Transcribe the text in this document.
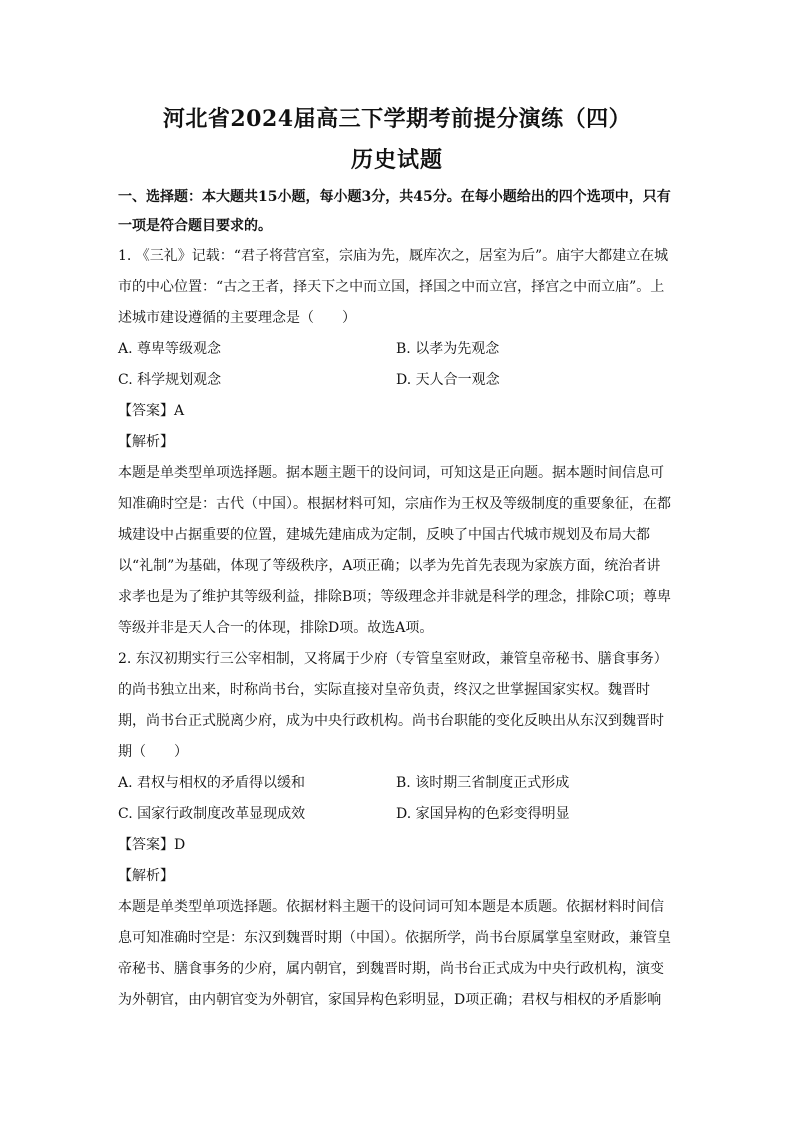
河北省2024届高三下学期考前提分演练（四）
历史试题

一、选择题：本大题共15小题，每小题3分，共45分。在每小题给出的四个选项中，只有一项是符合题目要求的。

1. 《三礼》记载：“君子将营宫室，宗庙为先，厩库次之，居室为后”。庙宇大都建立在城市的中心位置：“古之王者，择天下之中而立国，择国之中而立宫，择宫之中而立庙”。上述城市建设遵循的主要理念是（　　）

A. 尊卑等级观念	B. 以孝为先观念
C. 科学规划观念	D. 天人合一观念

【答案】A

【解析】

本题是单类型单项选择题。据本题主题干的设问词，可知这是正向题。据本题时间信息可知准确时空是：古代（中国）。根据材料可知，宗庙作为王权及等级制度的重要象征，在都城建设中占据重要的位置，建城先建庙成为定制，反映了中国古代城市规划及布局大都以“礼制”为基础，体现了等级秩序，A项正确；以孝为先首先表现为家族方面，统治者讲求孝也是为了维护其等级利益，排除B项；等级理念并非就是科学的理念，排除C项；尊卑等级并非是天人合一的体现，排除D项。故选A项。

2. 东汉初期实行三公宰相制，又将属于少府（专管皇室财政，兼管皇帝秘书、膳食事务）的尚书独立出来，时称尚书台，实际直接对皇帝负责，终汉之世掌握国家实权。魏晋时期，尚书台正式脱离少府，成为中央行政机构。尚书台职能的变化反映出从东汉到魏晋时期（　　）

A. 君权与相权的矛盾得以缓和	B. 该时期三省制度正式形成
C. 国家行政制度改革显现成效	D. 家国异构的色彩变得明显

【答案】D

【解析】

本题是单类型单项选择题。依据材料主题干的设问词可知本题是本质题。依据材料时间信息可知准确时空是：东汉到魏晋时期（中国）。依据所学，尚书台原属掌皇室财政，兼管皇帝秘书、膳食事务的少府，属内朝官，到魏晋时期，尚书台正式成为中央行政机构，演变为外朝官，由内朝官变为外朝官，家国异构色彩明显，D项正确；君权与相权的矛盾影响
